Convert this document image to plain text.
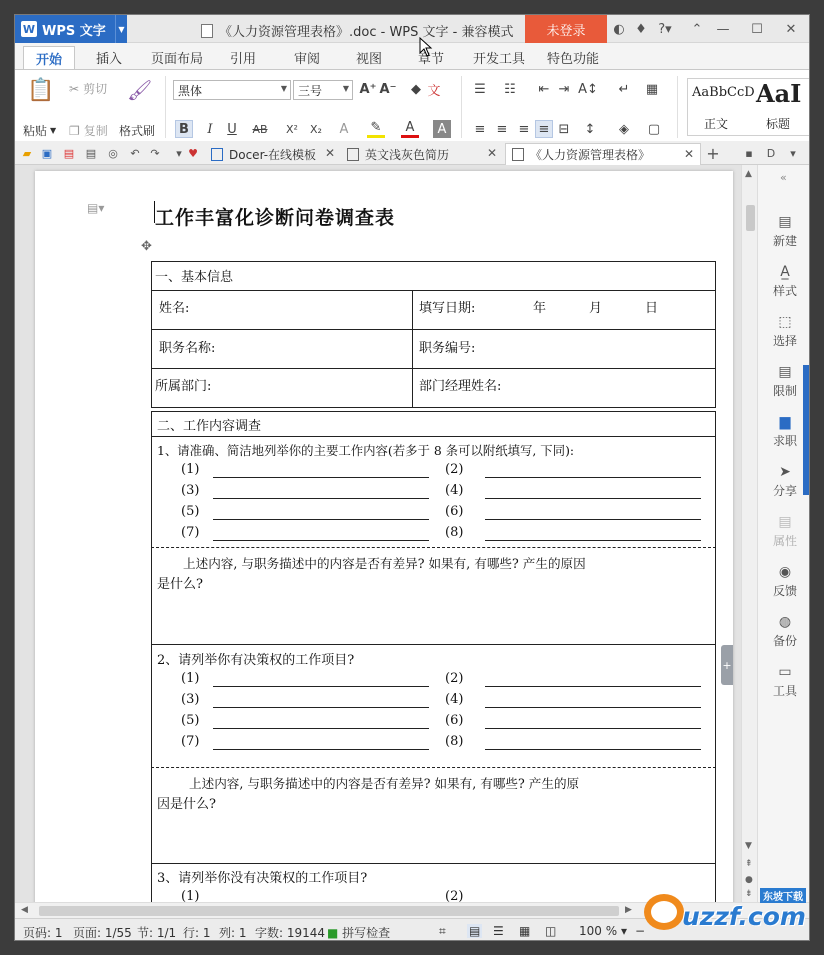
W WPS 文字	▼	《人力资源管理表格》.doc - WPS 文字 - 兼容模式	未登录	◐ ♦ ?▾ ⌃ — ☐ ✕
开始	插入	页面布局	引用	审阅	视图	章节	开发工具	特色功能
📋
粘贴 ▼
✂ 剪切
❐ 复制
🖌
格式刷
黑体	▼ 三号	▼ A⁺ A⁻	◆ 文
B	I	U	AB X² X₂	A	✎	A	A
☰ ☷ ⇤ ⇥ A↕ ↵ ▦
≡ ≡ ≡ ≡ ⊟ ↕	◈	▢
AaBbCcD
正文
AaI
标题
▰ ▣ ▤ ▤ ◎	↶ ↷	▾ ♥	Docer-在线模板 ✕	英文浅灰色简历	✕	《人力资源管理表格》	✕ +	▪	D	▾
▤▾
✥
工作丰富化诊断问卷调查表
一、基本信息
姓名:	填写日期:	年	月	日
职务名称:	职务编号:
所属部门:	部门经理姓名:
二、工作内容调查
1、请准确、简洁地列举你的主要工作内容(若多于 8 条可以附纸填写, 下同):
(1)	(2)
(3)	(4)
(5)	(6)
(7)	(8)
上述内容, 与职务描述中的内容是否有差异? 如果有, 有哪些? 产生的原因
是什么?
2、请列举你有决策权的工作项目?
(1)	(2)
(3)	(4)
(5)	(6)
(7)	(8)
上述内容, 与职务描述中的内容是否有差异? 如果有, 有哪些? 产生的原
因是什么?
3、请列举你没有决策权的工作项目?
(1)	(2)
+
▲
▼
⇞
●
⇟
«
▤
新建
A̲
样式
⬚
选择
▤
限制
▆
求职
➤
分享
▤
属性
◉
反馈
◍
备份
▭
工具
◀	▶
页码: 1 页面: 1/55 节: 1/1 行: 1 列: 1 字数: 19144 ■ 拼写检查	⌗ ▤ ☰ ▦ ◫ 100 % ▾ −
东坡下载
uzzf.com
